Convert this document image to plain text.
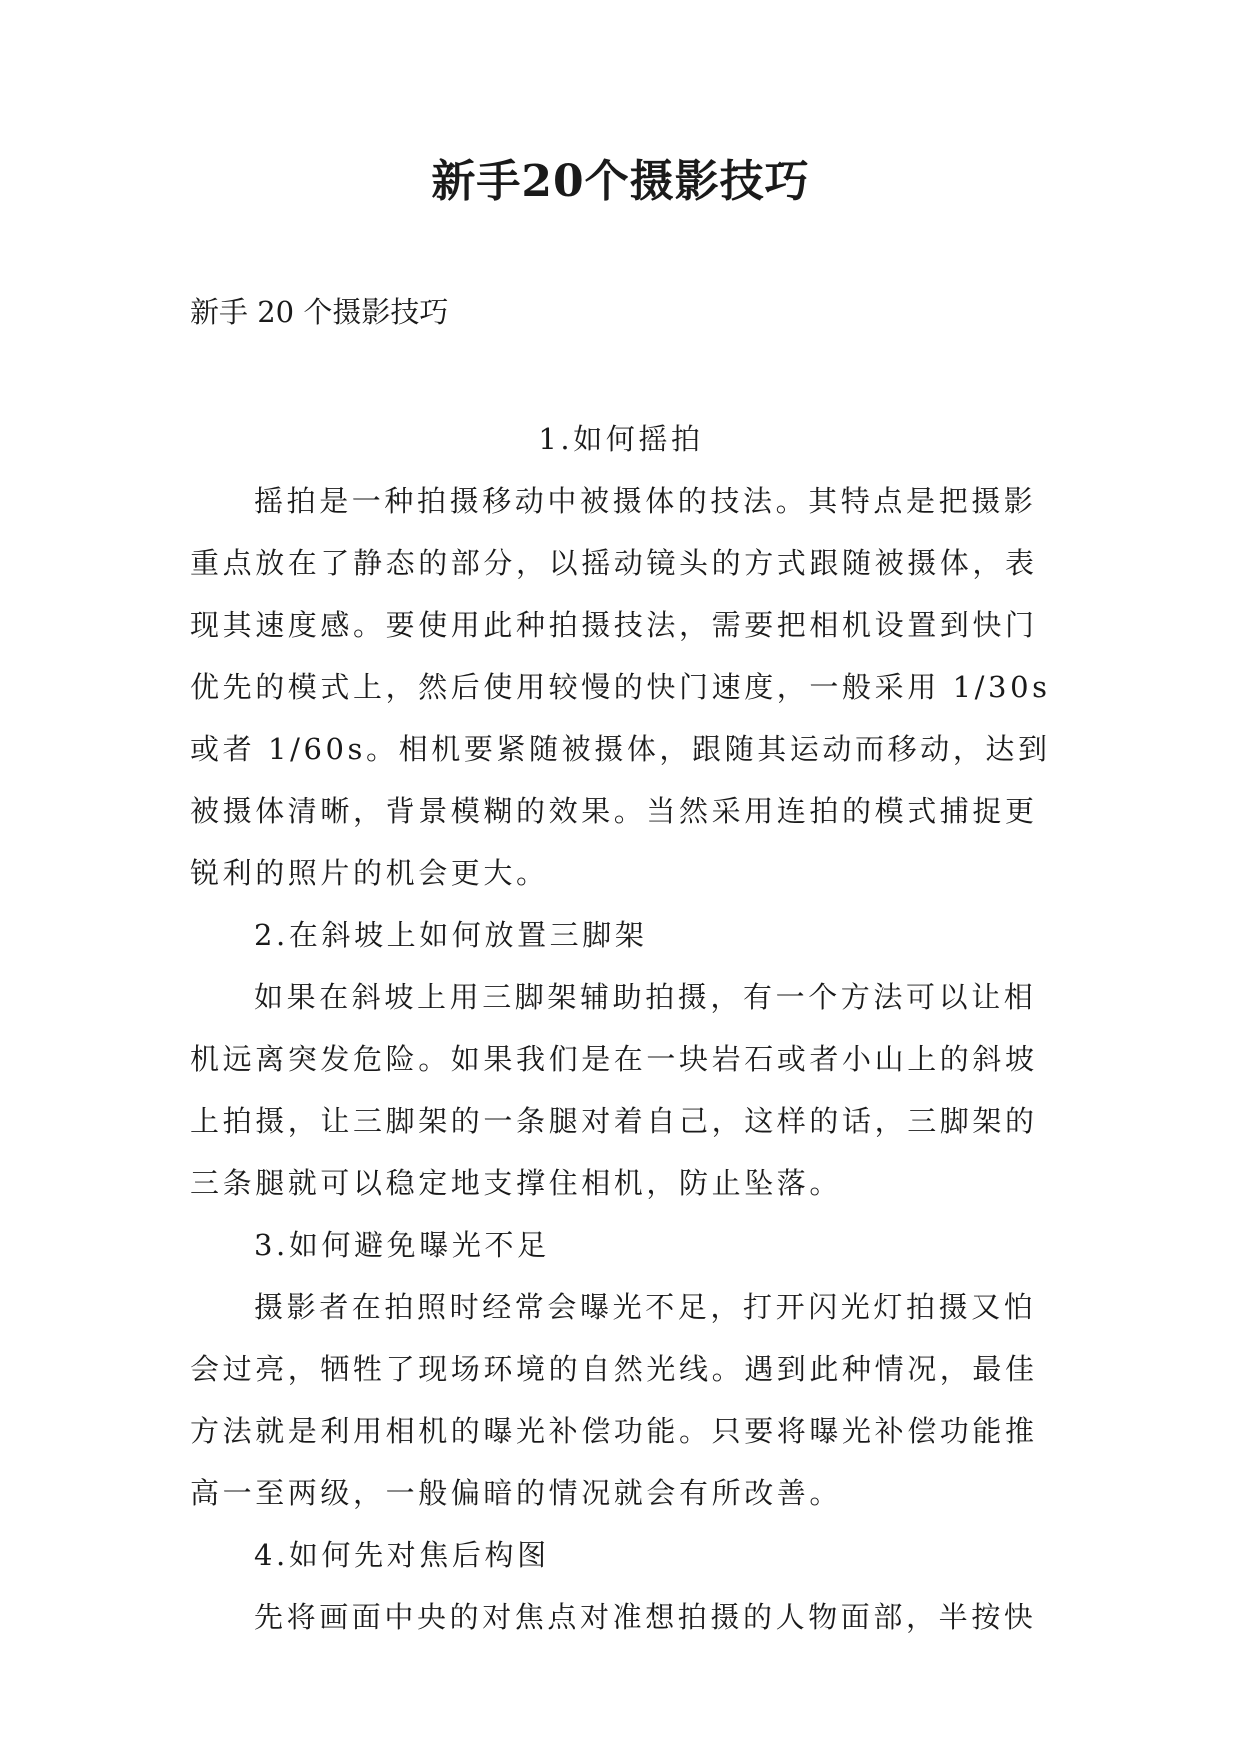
新手20个摄影技巧

新手 20 个摄影技巧

1.如何摇拍

摇拍是一种拍摄移动中被摄体的技法。其特点是把摄影

重点放在了静态的部分，以摇动镜头的方式跟随被摄体，表

现其速度感。要使用此种拍摄技法，需要把相机设置到快门

优先的模式上，然后使用较慢的快门速度，一般采用 1/30s

或者 1/60s。相机要紧随被摄体，跟随其运动而移动，达到

被摄体清晰，背景模糊的效果。当然采用连拍的模式捕捉更

锐利的照片的机会更大。

2.在斜坡上如何放置三脚架

如果在斜坡上用三脚架辅助拍摄，有一个方法可以让相

机远离突发危险。如果我们是在一块岩石或者小山上的斜坡

上拍摄，让三脚架的一条腿对着自己，这样的话，三脚架的

三条腿就可以稳定地支撑住相机，防止坠落。

3.如何避免曝光不足

摄影者在拍照时经常会曝光不足，打开闪光灯拍摄又怕

会过亮，牺牲了现场环境的自然光线。遇到此种情况，最佳

方法就是利用相机的曝光补偿功能。只要将曝光补偿功能推

高一至两级，一般偏暗的情况就会有所改善。

4.如何先对焦后构图

先将画面中央的对焦点对准想拍摄的人物面部，半按快
